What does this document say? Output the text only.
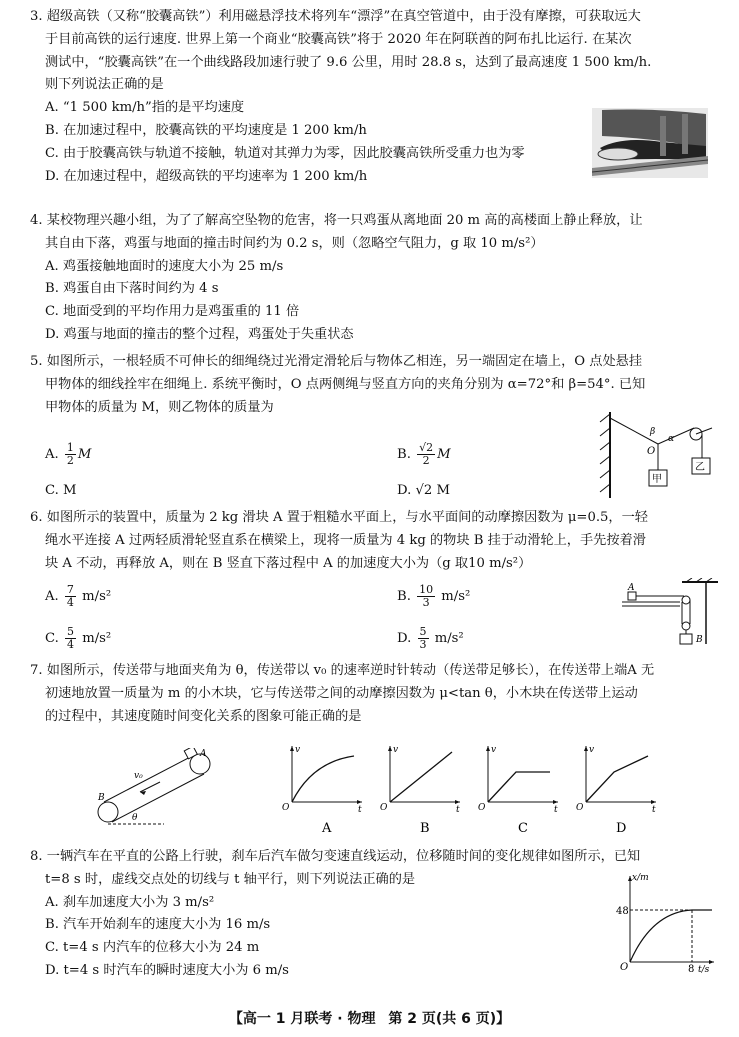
3. 超级高铁（又称“胶囊高铁”）利用磁悬浮技术将列车“漂浮”在真空管道中，由于没有摩擦，可获取远大
于目前高铁的运行速度. 世界上第一个商业“胶囊高铁”将于 2020 年在阿联酋的阿布扎比运行. 在某次
测试中，“胶囊高铁”在一个曲线路段加速行驶了 9.6 公里，用时 28.8 s，达到了最高速度 1 500 km/h.
则下列说法正确的是
A. “1 500 km/h”指的是平均速度
B. 在加速过程中，胶囊高铁的平均速度是 1 200 km/h
C. 由于胶囊高铁与轨道不接触，轨道对其弹力为零，因此胶囊高铁所受重力也为零
D. 在加速过程中，超级高铁的平均速率为 1 200 km/h
4. 某校物理兴趣小组，为了了解高空坠物的危害，将一只鸡蛋从离地面 20 m 高的高楼面上静止释放，让
其自由下落，鸡蛋与地面的撞击时间约为 0.2 s，则（忽略空气阻力，g 取 10 m/s²）
A. 鸡蛋接触地面时的速度大小为 25 m/s
B. 鸡蛋自由下落时间约为 4 s
C. 地面受到的平均作用力是鸡蛋重的 11 倍
D. 鸡蛋与地面的撞击的整个过程，鸡蛋处于失重状态
5. 如图所示，一根轻质不可伸长的细绳绕过光滑定滑轮后与物体乙相连，另一端固定在墙上，O 点处悬挂
甲物体的细线拴牢在细绳上. 系统平衡时，O 点两侧绳与竖直方向的夹角分别为 α=72°和 β=54°. 已知
甲物体的质量为 M，则乙物体的质量为
A. $\frac{1}{2}$ M	B. $\frac{√2}{2}$ M
C. M	D. √2 M
乙
甲
O
β
α
6. 如图所示的装置中，质量为 2 kg 滑块 A 置于粗糙水平面上，与水平面间的动摩擦因数为 μ=0.5，一轻
绳水平连接 A 过两轻质滑轮竖直系在横梁上，现将一质量为 4 kg 的物块 B 挂于动滑轮上，手先按着滑
块 A 不动，再释放 A，则在 B 竖直下落过程中 A 的加速度大小为（g 取10 m/s²）
A. $\frac{7}{4} m/s^2$	B. $\frac{10}{3} m/s^2$
C. $\frac{5}{4} m/s^2$	D. $\frac{5}{3} m/s^2$
A
B
7. 如图所示，传送带与地面夹角为 θ，传送带以 v₀ 的速率逆时针转动（传送带足够长），在传送带上端A 无
初速地放置一质量为 m 的小木块，它与传送带之间的动摩擦因数为 μ<tan θ，小木块在传送带上运动
的过程中，其速度随时间变化关系的图象可能正确的是
A
B
v₀
θ
O
v
t
A
O
v
t
B
O
v
t
C
O
v
t
D
8. 一辆汽车在平直的公路上行驶，刹车后汽车做匀变速直线运动，位移随时间的变化规律如图所示，已知
t=8 s 时，虚线交点处的切线与 t 轴平行，则下列说法正确的是
A. 刹车加速度大小为 3 m/s²
B. 汽车开始刹车的速度大小为 16 m/s
C. t=4 s 内汽车的位移大小为 24 m
D. t=4 s 时汽车的瞬时速度大小为 6 m/s
x/m
t/s
48
8
O
【高一 1 月联考 · 物理 第 2 页(共 6 页)】
